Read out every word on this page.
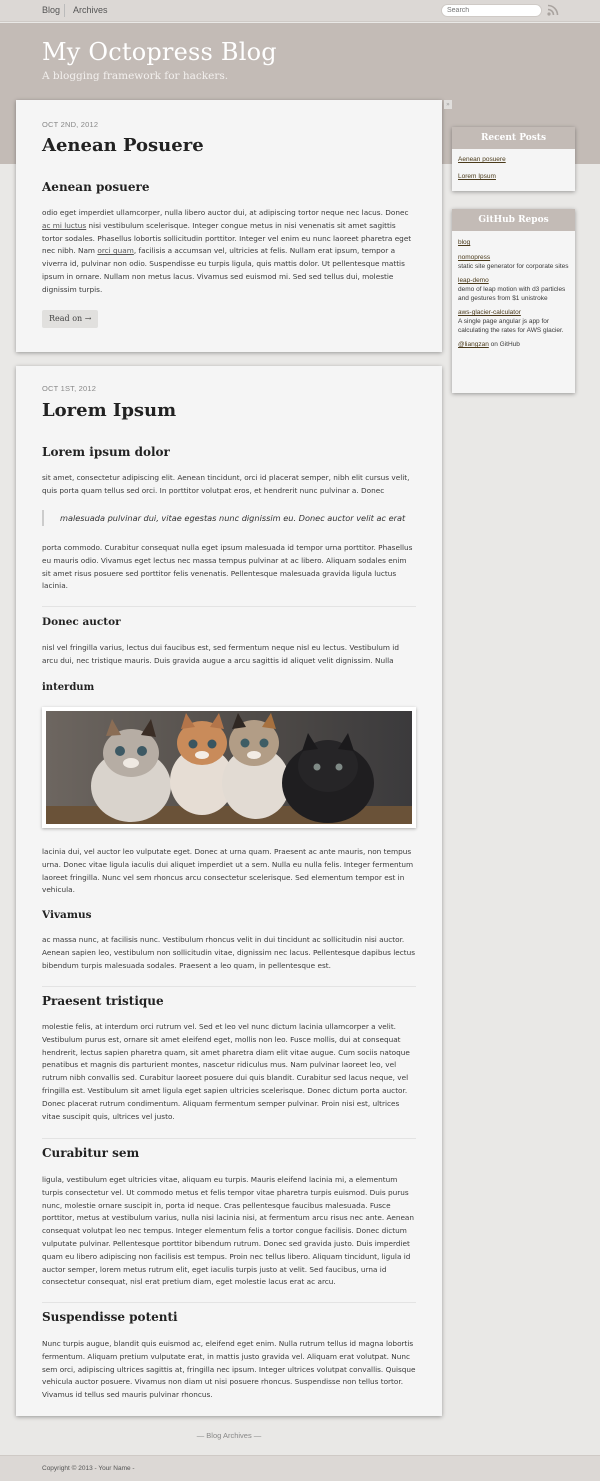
Blog Archives
Search
My Octopress Blog
A blogging framework for hackers.
»
OCT 2ND, 2012
Aenean Posuere
Aenean posuere
odio eget imperdiet ullamcorper, nulla libero auctor dui, at adipiscing tortor neque nec lacus. Donec ac mi luctus nisi vestibulum scelerisque. Integer congue metus in nisi venenatis sit amet sagittis tortor sodales. Phasellus lobortis sollicitudin porttitor. Integer vel enim eu nunc laoreet pharetra eget nec nibh. Nam orci quam, facilisis a accumsan vel, ultricies at felis. Nullam erat ipsum, tempor a viverra id, pulvinar non odio. Suspendisse eu turpis ligula, quis mattis dolor. Ut pellentesque mattis ipsum in ornare. Nullam non metus lacus. Vivamus sed euismod mi. Sed sed tellus dui, molestie dignissim turpis.
Read on →
OCT 1ST, 2012
Lorem Ipsum
Lorem ipsum dolor
sit amet, consectetur adipiscing elit. Aenean tincidunt, orci id placerat semper, nibh elit cursus velit, quis porta quam tellus sed orci. In porttitor volutpat eros, et hendrerit nunc pulvinar a. Donec
malesuada pulvinar dui, vitae egestas nunc dignissim eu. Donec auctor velit ac erat
porta commodo. Curabitur consequat nulla eget ipsum malesuada id tempor urna porttitor. Phasellus eu mauris odio. Vivamus eget lectus nec massa tempus pulvinar at ac libero. Aliquam sodales enim sit amet risus posuere sed porttitor felis venenatis. Pellentesque malesuada gravida ligula luctus lacinia.
Donec auctor
nisl vel fringilla varius, lectus dui faucibus est, sed fermentum neque nisl eu lectus. Vestibulum id arcu dui, nec tristique mauris. Duis gravida augue a arcu sagittis id aliquet velit dignissim. Nulla
interdum
lacinia dui, vel auctor leo vulputate eget. Donec at urna quam. Praesent ac ante mauris, non tempus urna. Donec vitae ligula iaculis dui aliquet imperdiet ut a sem. Nulla eu nulla felis. Integer fermentum laoreet fringilla. Nunc vel sem rhoncus arcu consectetur scelerisque. Sed elementum tempor est in vehicula.
Vivamus
ac massa nunc, at facilisis nunc. Vestibulum rhoncus velit in dui tincidunt ac sollicitudin nisi auctor. Aenean sapien leo, vestibulum non sollicitudin vitae, dignissim nec lacus. Pellentesque dapibus lectus bibendum turpis malesuada sodales. Praesent a leo quam, in pellentesque est.
Praesent tristique
molestie felis, at interdum orci rutrum vel. Sed et leo vel nunc dictum lacinia ullamcorper a velit. Vestibulum purus est, ornare sit amet eleifend eget, mollis non leo. Fusce mollis, dui at consequat hendrerit, lectus sapien pharetra quam, sit amet pharetra diam elit vitae augue. Cum sociis natoque penatibus et magnis dis parturient montes, nascetur ridiculus mus. Nam pulvinar laoreet leo, vel rutrum nibh convallis sed. Curabitur laoreet posuere dui quis blandit. Curabitur sed lacus neque, vel fringilla est. Vestibulum sit amet ligula eget sapien ultricies scelerisque. Donec dictum porta auctor. Donec placerat rutrum condimentum. Aliquam fermentum semper pulvinar. Proin nisi est, ultrices vitae suscipit quis, ultrices vel justo.
Curabitur sem
ligula, vestibulum eget ultricies vitae, aliquam eu turpis. Mauris eleifend lacinia mi, a elementum turpis consectetur vel. Ut commodo metus et felis tempor vitae pharetra turpis euismod. Duis purus nunc, molestie ornare suscipit in, porta id neque. Cras pellentesque faucibus malesuada. Fusce porttitor, metus at vestibulum varius, nulla nisi lacinia nisi, at fermentum arcu risus nec ante. Aenean consequat volutpat leo nec tempus. Integer elementum felis a tortor congue facilisis. Donec dictum vulputate pulvinar. Pellentesque porttitor bibendum rutrum. Donec sed gravida justo. Duis imperdiet quam eu libero adipiscing non facilisis est tempus. Proin nec tellus libero. Aliquam tincidunt, ligula id auctor semper, lorem metus rutrum elit, eget iaculis turpis justo at velit. Sed faucibus, urna id consectetur consequat, nisl erat pretium diam, eget molestie lacus erat ac arcu.
Suspendisse potenti
Nunc turpis augue, blandit quis euismod ac, eleifend eget enim. Nulla rutrum tellus id magna lobortis fermentum. Aliquam pretium vulputate erat, in mattis justo gravida vel. Aliquam erat volutpat. Nunc sem orci, adipiscing ultrices sagittis at, fringilla nec ipsum. Integer ultrices volutpat convallis. Quisque vehicula auctor posuere. Vivamus non diam ut nisi posuere rhoncus. Suspendisse non tellus tortor. Vivamus id tellus sed mauris pulvinar rhoncus.
Recent Posts
Aenean posuere
Lorem Ipsum
GitHub Repos
blog
nomopress
static site generator for corporate sites
leap-demo
demo of leap motion with d3 particles and gestures from $1 unistroke
aws-glacier-calculator
A single page angular js app for calculating the rates for AWS glacier.
@liangzan on GitHub
— Blog Archives —
Copyright © 2013 - Your Name -
